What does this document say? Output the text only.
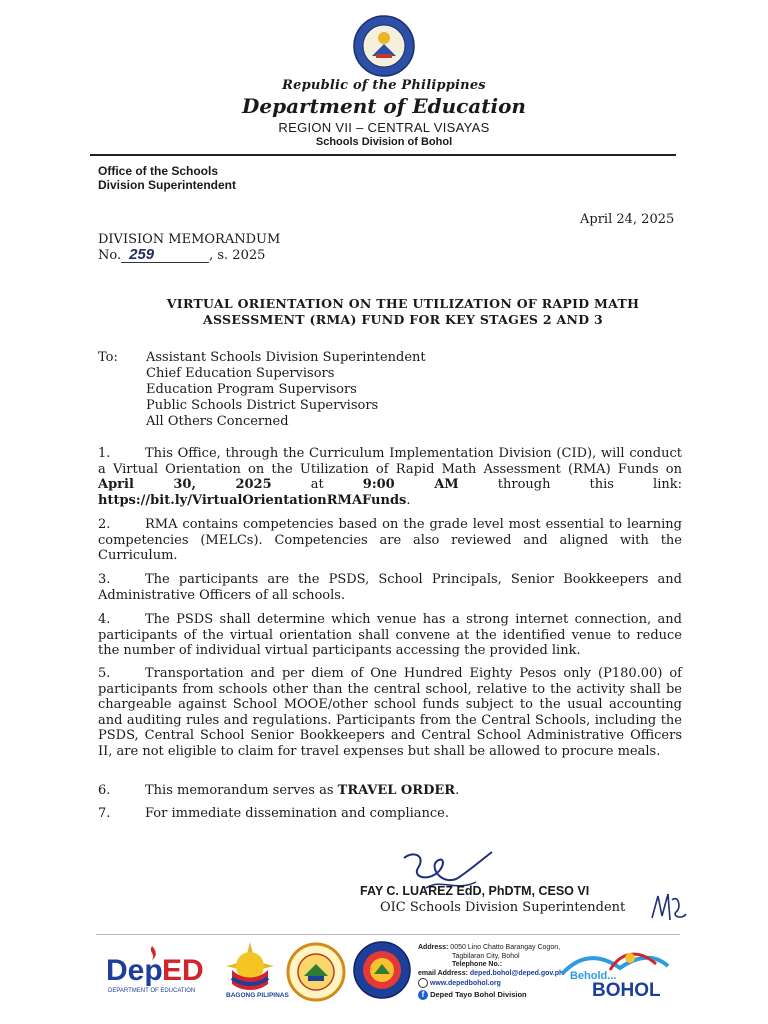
Republic of the Philippines
Department of Education
REGION VII – CENTRAL VISAYAS
Schools Division of Bohol
Office of the Schools
Division Superintendent
April 24, 2025
DIVISION MEMORANDUM
No. 259	, s. 2025
VIRTUAL ORIENTATION ON THE UTILIZATION OF RAPID MATH
ASSESSMENT (RMA) FUND FOR KEY STAGES 2 AND 3
To: Assistant Schools Division Superintendent
Chief Education Supervisors
Education Program Supervisors
Public Schools District Supervisors
All Others Concerned
1.	This Office, through the Curriculum Implementation Division (CID), will conduct a Virtual Orientation on the Utilization of Rapid Math Assessment (RMA) Funds on April 30, 2025 at 9:00 AM through this link: https://bit.ly/VirtualOrientationRMAFunds.
2.	RMA contains competencies based on the grade level most essential to learning competencies (MELCs). Competencies are also reviewed and aligned with the Curriculum.
3.	The participants are the PSDS, School Principals, Senior Bookkeepers and Administrative Officers of all schools.
4.	The PSDS shall determine which venue has a strong internet connection, and participants of the virtual orientation shall convene at the identified venue to reduce the number of individual virtual participants accessing the provided link.
5.	Transportation and per diem of One Hundred Eighty Pesos only (P180.00) of participants from schools other than the central school, relative to the activity shall be chargeable against School MOOE/other school funds subject to the usual accounting and auditing rules and regulations. Participants from the Central Schools, including the PSDS, Central School Senior Bookkeepers and Central School Administrative Officers II, are not eligible to claim for travel expenses but shall be allowed to procure meals.
6.	This memorandum serves as TRAVEL ORDER.
7.	For immediate dissemination and compliance.
FAY C. LUAREZ EdD, PhDTM, CESO VI
OIC Schools Division Superintendent
Dep ED
DEPARTMENT OF EDUCATION
BAGONG PILIPINAS
Address: 0050 Lino Chatto Barangay Cogon,
Tagbilaran City, Bohol
Telephone No.:
email Address: deped.bohol@deped.gov.ph
www.depedbohol.org
f Deped Tayo Bohol Division
Behold...
BOHOL
